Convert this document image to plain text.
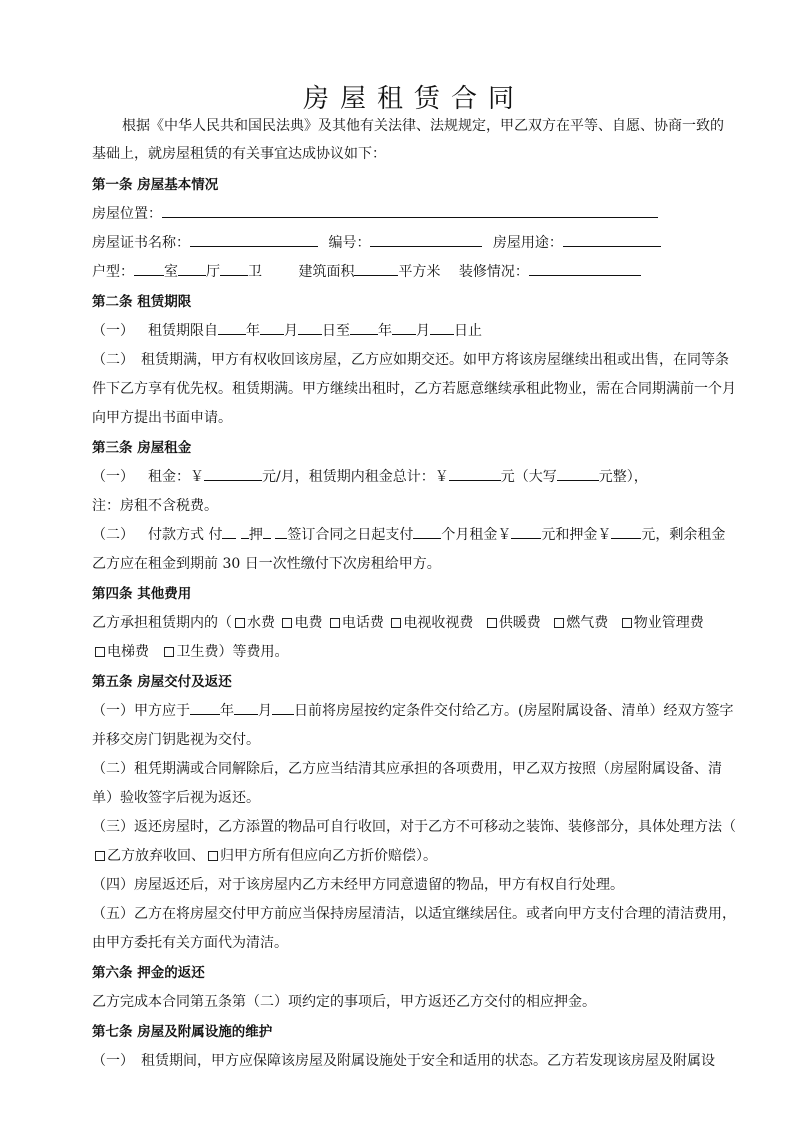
房屋租赁合同

根据《中华人民共和国民法典》及其他有关法律、法规规定，甲乙双方在平等、自愿、协商一致的基础上，就房屋租赁的有关事宜达成协议如下：

第一条 房屋基本情况

房屋位置：

房屋证书名称：	编号：	房屋用途：

户型： 室 厅 卫	建筑面积	平方米 装修情况：

第二条 租赁期限

（一） 租赁期限自 年 月 日至 年 月 日止

（二）　租赁期满，甲方有权收回该房屋，乙方应如期交还。如甲方将该房屋继续出租或出售，在同等条件下乙方享有优先权。租赁期满。甲方继续出租时，乙方若愿意继续承租此物业，需在合同期满前一个月向甲方提出书面申请。

第三条 房屋租金

（一） 租金：￥	元/月，租赁期内租金总计：￥	元（大写	元整），

注：房租不含税费。

（二） 付款方式 付 押 签订合同之日起支付 个月租金￥ 元和押金￥ 元，剩余租金乙方应在租金到期前 30 日一次性缴付下次房租给甲方。

第四条 其他费用

乙方承担租赁期内的（ 水费 电费 电话费 电视收视费 供暖费 燃气费 物业管理费
电梯费 卫生费）等费用。

第五条 房屋交付及返还

（一）甲方应于 年 月 日前将房屋按约定条件交付给乙方。(房屋附属设备、清单）经双方签字并移交房门钥匙视为交付。

（二）租凭期满或合同解除后，乙方应当结清其应承担的各项费用，甲乙双方按照（房屋附属设备、清单）验收签字后视为返还。

（三）返还房屋时，乙方添置的物品可自行收回，对于乙方不可移动之装饰、装修部分，具体处理方法（乙方放弃收回、 归甲方所有但应向乙方折价赔偿）。

（四）房屋返还后，对于该房屋内乙方未经甲方同意遗留的物品，甲方有权自行处理。

（五）乙方在将房屋交付甲方前应当保持房屋清洁，以适宜继续居住。或者向甲方支付合理的清洁费用，由甲方委托有关方面代为清洁。

第六条 押金的返还

乙方完成本合同第五条第（二）项约定的事项后，甲方返还乙方交付的相应押金。

第七条 房屋及附属设施的维护

（一）　租赁期间，甲方应保障该房屋及附属设施处于安全和适用的状态。乙方若发现该房屋及附属设
